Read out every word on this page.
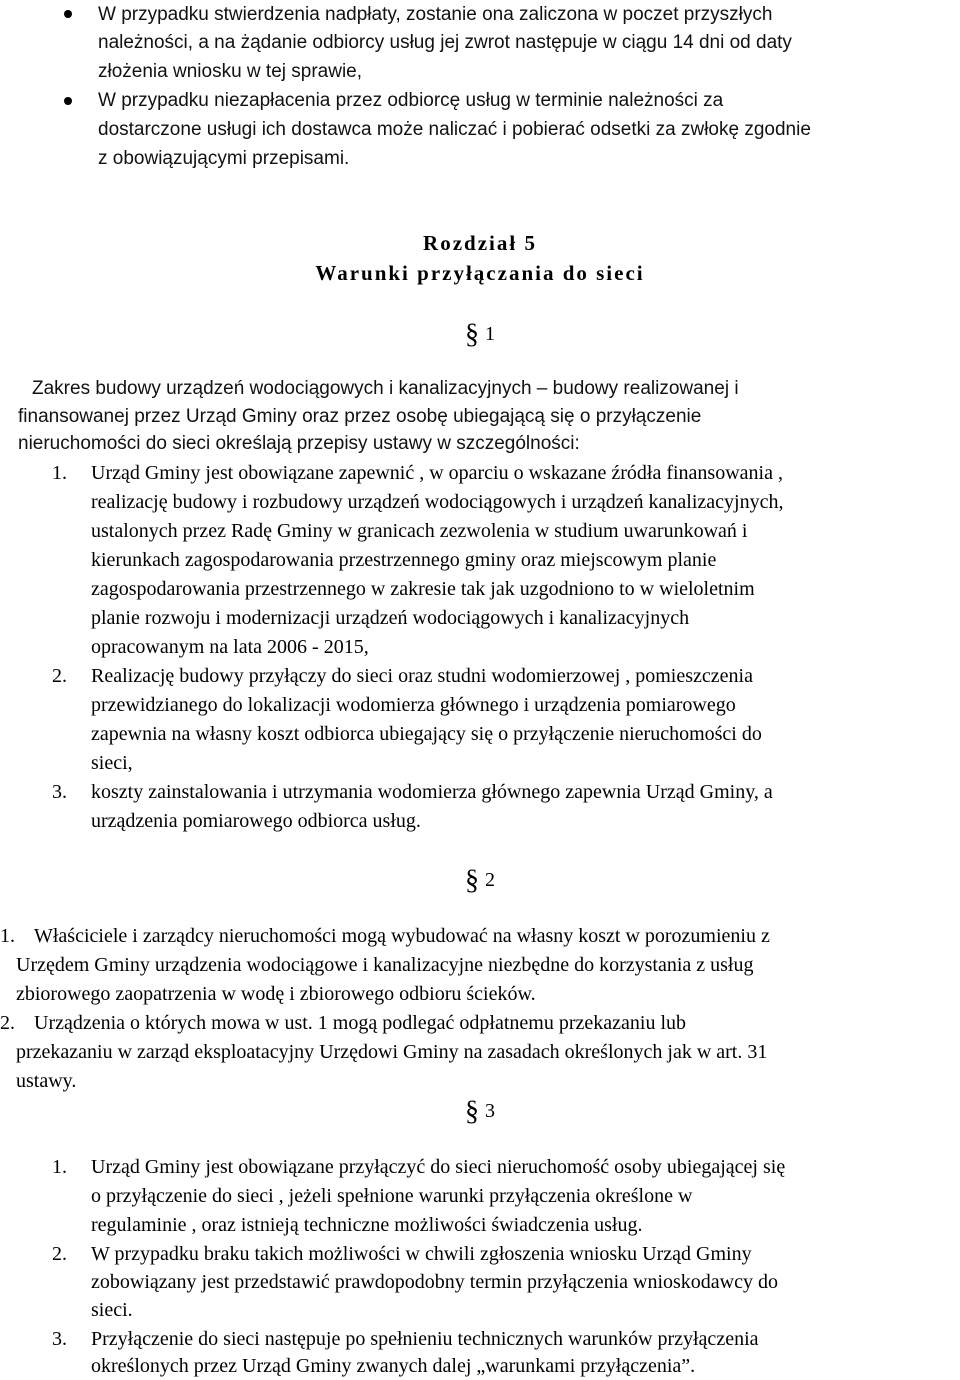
W przypadku stwierdzenia nadpłaty, zostanie ona zaliczona w poczet przyszłych
należności, a na żądanie odbiorcy usług jej zwrot następuje w ciągu 14 dni od daty
złożenia wniosku w tej sprawie,
W przypadku niezapłacenia przez odbiorcę usług w terminie należności za
dostarczone usługi ich dostawca może naliczać i pobierać odsetki za zwłokę zgodnie
z obowiązującymi przepisami.
Rozdział 5
Warunki przyłączania do sieci
§ 1
Zakres budowy urządzeń wodociągowych i kanalizacyjnych – budowy realizowanej i
finansowanej przez Urząd Gminy oraz przez osobę ubiegającą się o przyłączenie
nieruchomości do sieci określają przepisy ustawy w szczególności:
1. Urząd Gminy jest obowiązane zapewnić , w oparciu o wskazane źródła finansowania ,
realizację budowy i rozbudowy urządzeń wodociągowych i urządzeń kanalizacyjnych,
ustalonych przez Radę Gminy w granicach zezwolenia w studium uwarunkowań i
kierunkach zagospodarowania przestrzennego gminy oraz miejscowym planie
zagospodarowania przestrzennego w zakresie tak jak uzgodniono to w wieloletnim
planie rozwoju i modernizacji urządzeń wodociągowych i kanalizacyjnych
opracowanym na lata 2006 - 2015,
2. Realizację budowy przyłączy do sieci oraz studni wodomierzowej , pomieszczenia
przewidzianego do lokalizacji wodomierza głównego i urządzenia pomiarowego
zapewnia na własny koszt odbiorca ubiegający się o przyłączenie nieruchomości do
sieci,
3. koszty zainstalowania i utrzymania wodomierza głównego zapewnia Urząd Gminy, a
urządzenia pomiarowego odbiorca usług.
§ 2
1. Właściciele i zarządcy nieruchomości mogą wybudować na własny koszt w porozumieniu z
Urzędem Gminy urządzenia wodociągowe i kanalizacyjne niezbędne do korzystania z usług
zbiorowego zaopatrzenia w wodę i zbiorowego odbioru ścieków.
2. Urządzenia o których mowa w ust. 1 mogą podlegać odpłatnemu przekazaniu lub
przekazaniu w zarząd eksploatacyjny Urzędowi Gminy na zasadach określonych jak w art. 31
ustawy.
§ 3
1. Urząd Gminy jest obowiązane przyłączyć do sieci nieruchomość osoby ubiegającej się
o przyłączenie do sieci , jeżeli spełnione warunki przyłączenia określone w
regulaminie , oraz istnieją techniczne możliwości świadczenia usług.
2. W przypadku braku takich możliwości w chwili zgłoszenia wniosku Urząd Gminy
zobowiązany jest przedstawić prawdopodobny termin przyłączenia wnioskodawcy do
sieci.
3. Przyłączenie do sieci następuje po spełnieniu technicznych warunków przyłączenia
określonych przez Urząd Gminy zwanych dalej „warunkami przyłączenia”.
